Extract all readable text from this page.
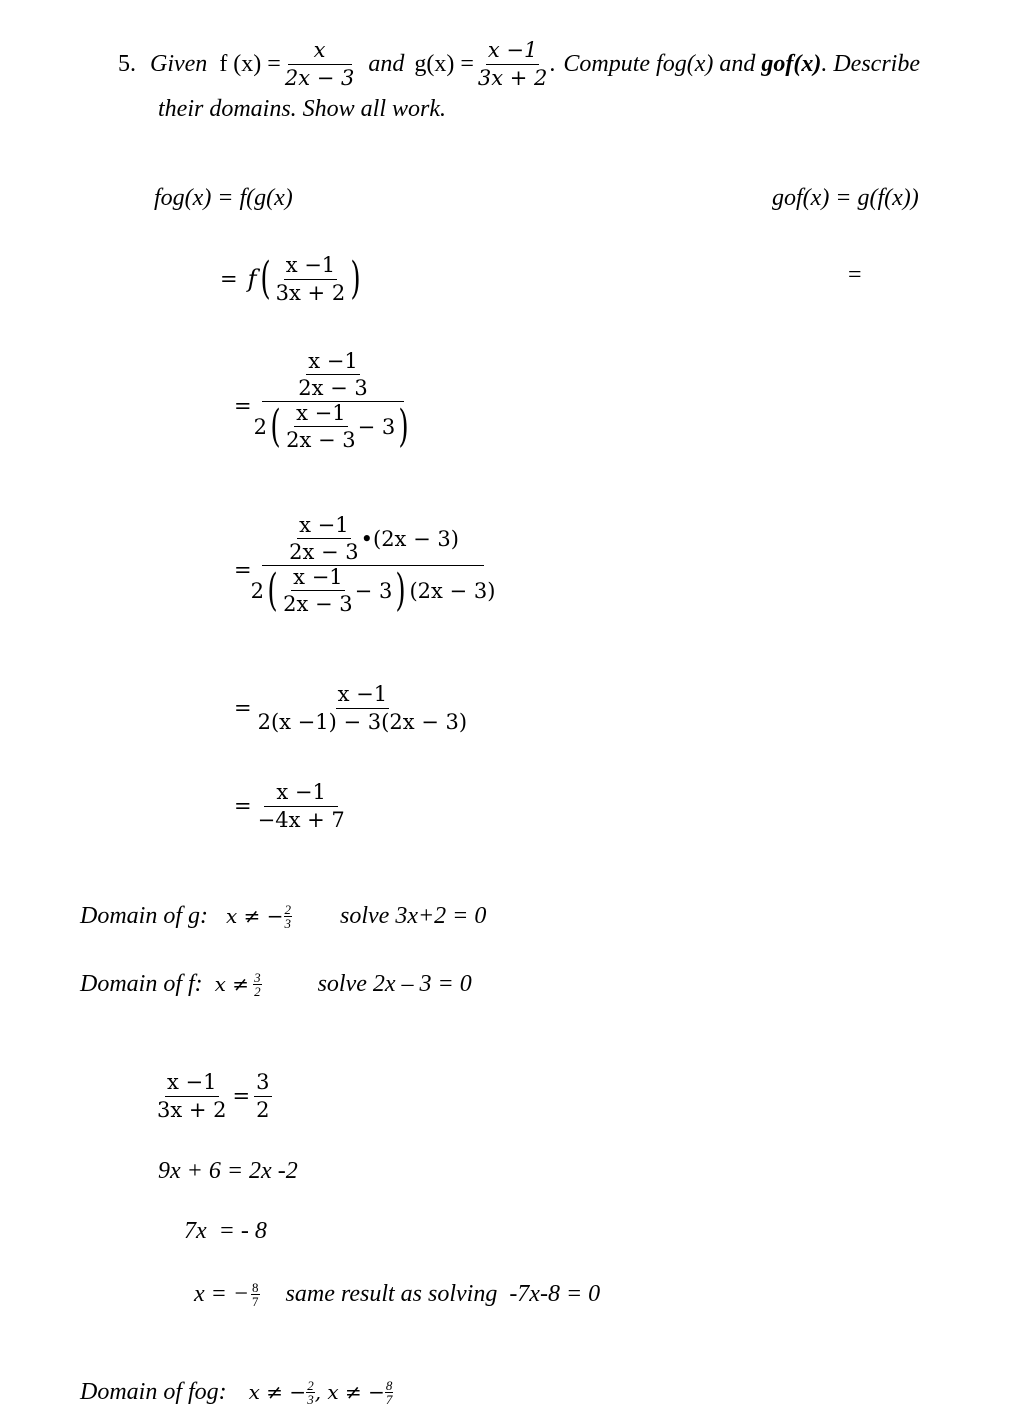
5. Given f $(x) = \frac{x}{2x - 3}$ and $g(x) = \frac{x -1}{3x + 2}$ . Compute fog(x) and gof(x) . Describe
their domains. Show all work.
fog(x) = f(g(x)	gof(x) = g(f(x))
=
= f ( $\frac{x -1}{3x + 2}$ )
=
$\frac{x -1}{2x - 3}$
2 ( $\frac{x -1}{2x - 3} - 3$ )
=
$\frac{x -1}{2x - 3}$ •(2x − 3)
2 ( $\frac{x -1}{2x - 3} - 3$ ) (2x − 3)
= $\frac{x -1}{2(x -1) - 3(2x - 3)}$
= $\frac{x -1}{-4x + 7}$
Domain of g: x ≠ − $\frac{2}{3}$ solve 3x+2 = 0
Domain of f: $x \ne \frac{3}{2}$ solve 2x – 3 = 0
$\frac{x -1}{3x + 2} = \frac{3}{2}$
9x + 6 = 2x -2
7x  = - 8
x = − $\frac{8}{7}$ same result as solving  -7x-8 = 0
Domain of fog: x ≠ − $\frac{2}{3}$ , x ≠ − $\frac{8}{7}$
